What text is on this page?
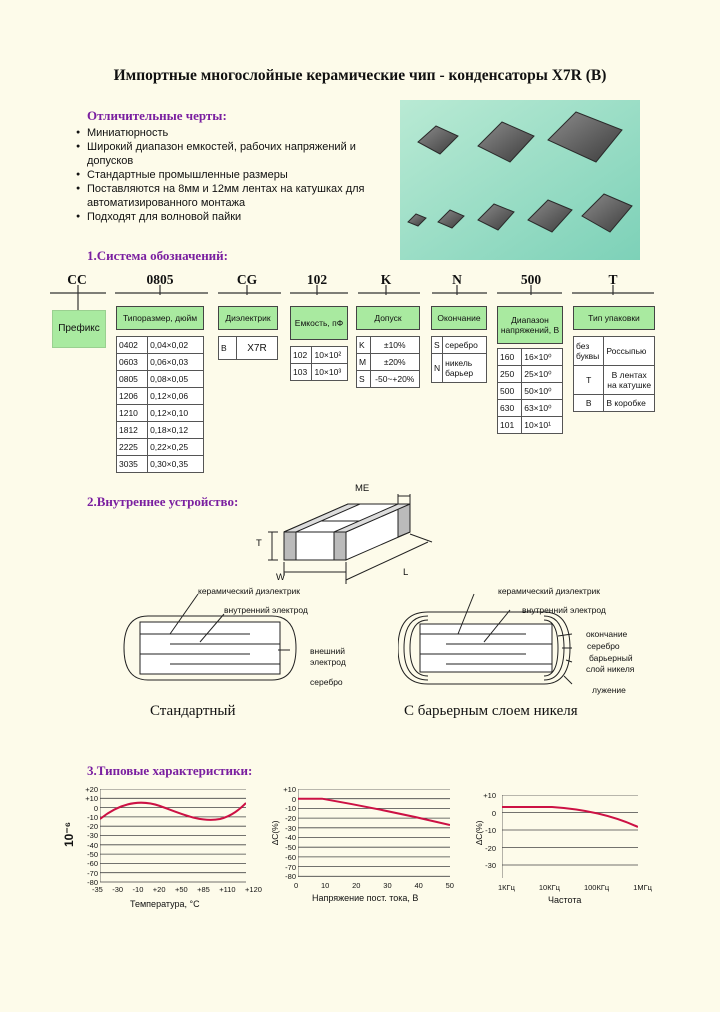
Импортные многослойные керамические чип - конденсаторы X7R (B)
Отличительные черты:
● Миниатюрность
● Широкий диапазон емкостей, рабочих напряжений и допусков
● Стандартные промышленные размеры
● Поставляются на 8мм и 12мм лентах на катушках для автоматизированного монтажа
● Подходят для волновой пайки
1.Система обозначений:
CC	0805	CG	102	K	N	500	T
Префикс
Типоразмер, дюйм
0402	0,04×0,02
0603	0,06×0,03
0805	0,08×0,05
1206	0,12×0,06
1210	0,12×0,10
1812	0,18×0,12
2225	0,22×0,25
3035	0,30×0,35
Диэлектрик
B	X7R
Емкость, пФ
102	10×10²
103	10×10³
Допуск
K	±10%
M	±20%
S	-50~+20%
Окончание
S	серебро
N	никель барьер
Диапазон напряжений, В
160	16×10⁰
250	25×10⁰
500	50×10⁰
630	63×10⁰
101	10×10¹
Тип упаковки
без буквы	Россыпью
T	В лентах на катушке
B	В коробке
2.Внутреннее устройство:
ME
T
W	L
керамический диэлектрик
внутренний электрод
внешний электрод
серебро
Стандартный
керамический диэлектрик
внутренний электрод
окончание
серебро
барьерный
слой никеля
лужение
С барьерным слоем никеля
3.Типовые характеристики:
10⁻⁶
+20
+10
0
-10
-20
-30
-40
-50
-60
-70
-80
-35 -30 -10 +20 +50 +85 +110 +120
Температура, °C
∆C(%)
+10
0
-10
-20
-30
-40
-50
-60
-70
-80
0	10	20	30	40	50
Напряжение пост. тока, В
∆C(%)
+10
0
-10
-20
-30
1КГц	10КГц	100КГц	1МГц
Частота
